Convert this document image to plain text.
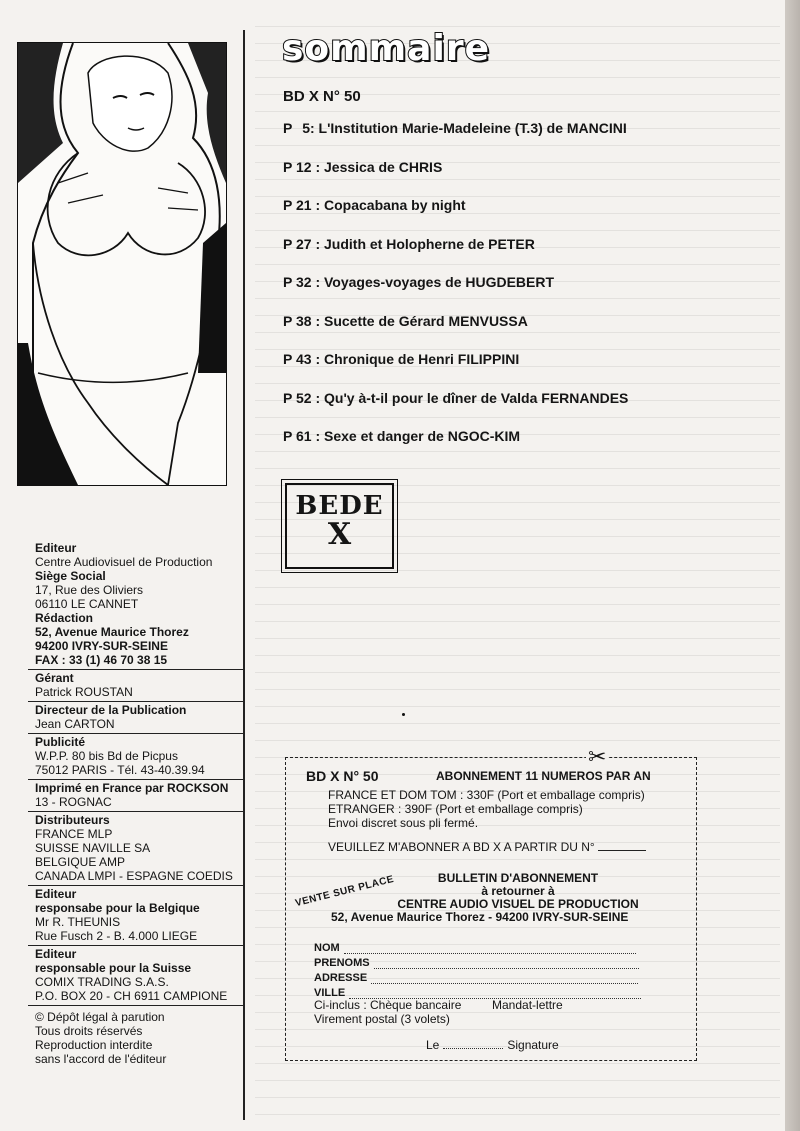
sommaire
BD X N° 50
P 5: L'Institution Marie-Madeleine (T.3) de MANCINI
P 12 : Jessica de CHRIS
P 21 : Copacabana by night
P 27 : Judith et Holopherne de PETER
P 32 : Voyages-voyages de HUGDEBERT
P 38 : Sucette de Gérard MENVUSSA
P 43 : Chronique de Henri FILIPPINI
P 52 : Qu'y à-t-il pour le dîner de Valda FERNANDES
P 61 : Sexe et danger de NGOC-KIM
BEDE
X
Editeur
Centre Audiovisuel de Production
Siège Social
17, Rue des Oliviers
06110 LE CANNET
Rédaction
52, Avenue Maurice Thorez
94200 IVRY-SUR-SEINE
FAX : 33 (1) 46 70 38 15
Gérant
Patrick ROUSTAN
Directeur de la Publication
Jean CARTON
Publicité
W.P.P. 80 bis Bd de Picpus
75012 PARIS - Tél. 43-40.39.94
Imprimé en France par ROCKSON
13 - ROGNAC
Distributeurs
FRANCE MLP
SUISSE NAVILLE SA
BELGIQUE AMP
CANADA LMPI - ESPAGNE COEDIS
Editeur
responsabe pour la Belgique
Mr R. THEUNIS
Rue Fusch 2 - B. 4.000 LIEGE
Editeur
responsable pour la Suisse
COMIX TRADING S.A.S.
P.O. BOX 20 - CH 6911 CAMPIONE
© Dépôt légal à parution
Tous droits réservés
Reproduction interdite
sans l'accord de l'éditeur
✂
BD X N° 50	ABONNEMENT 11 NUMEROS PAR AN
FRANCE ET DOM TOM : 330F (Port et emballage compris)
ETRANGER : 390F (Port et emballage compris)
Envoi discret sous pli fermé.
VEUILLEZ M'ABONNER A BD X A PARTIR DU N°
BULLETIN D'ABONNEMENT
à retourner à
CENTRE AUDIO VISUEL DE PRODUCTION
VENTE SUR PLACE
52, Avenue Maurice Thorez - 94200 IVRY-SUR-SEINE
NOM
PRENOMS
ADRESSE
VILLE
Ci-inclus : Chèque bancaire	Mandat-lettre
Virement postal (3 volets)
Le	Signature
